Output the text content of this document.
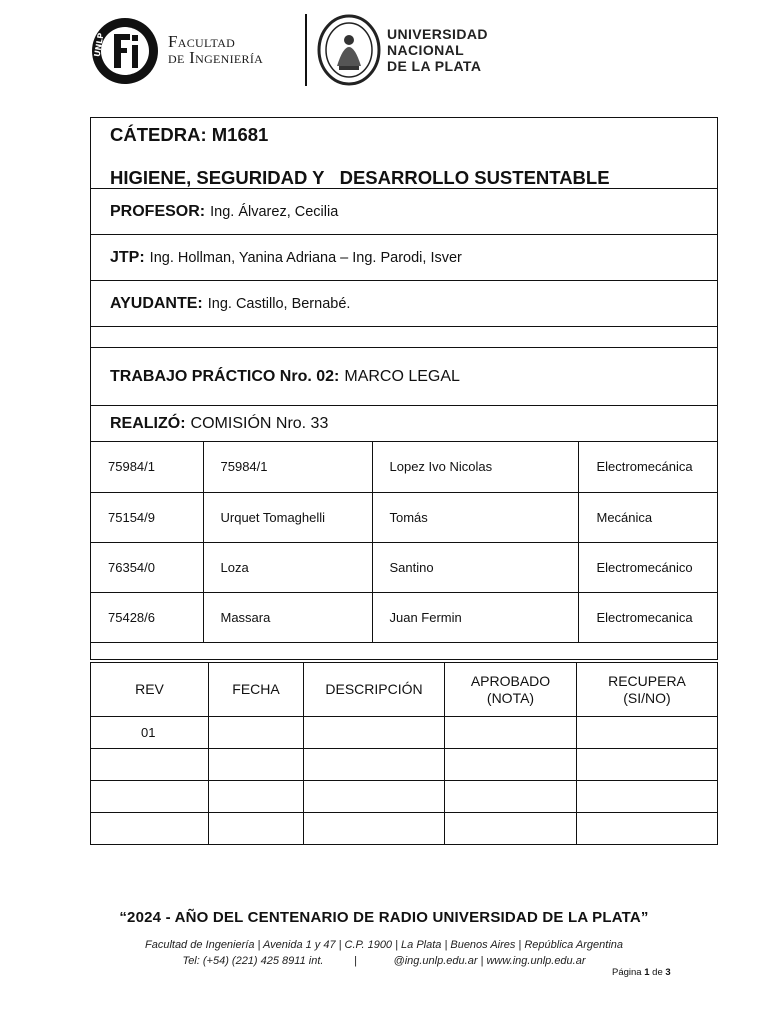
UNLP	Facultad
de Ingeniería
UNIVERSIDAD
NACIONAL
DE LA PLATA
CÁTEDRA: M1681
HIGIENE, SEGURIDAD Y   DESARROLLO SUSTENTABLE
PROFESOR: Ing. Álvarez, Cecilia
JTP: Ing. Hollman, Yanina Adriana – Ing. Parodi, Isver
AYUDANTE: Ing. Castillo, Bernabé.
TRABAJO PRÁCTICO Nro. 02: MARCO LEGAL
REALIZÓ: COMISIÓN Nro. 33
75984/1	75984/1	Lopez Ivo Nicolas	Electromecánica
75154/9	Urquet Tomaghelli	Tomás	Mecánica
76354/0	Loza	Santino	Electromecánico
75428/6	Massara	Juan Fermin	Electromecanica
REV	FECHA	DESCRIPCIÓN	APROBADO (NOTA)	RECUPERA (SI/NO)
01				

“2024 - AÑO DEL CENTENARIO DE RADIO UNIVERSIDAD DE LA PLATA”
Facultad de Ingeniería | Avenida 1 y 47 | C.P. 1900 | La Plata | Buenos Aires | República Argentina
Tel: (+54) (221) 425 8911 int.          |            @ing.unlp.edu.ar | www.ing.unlp.edu.ar
Página 1 de 3
